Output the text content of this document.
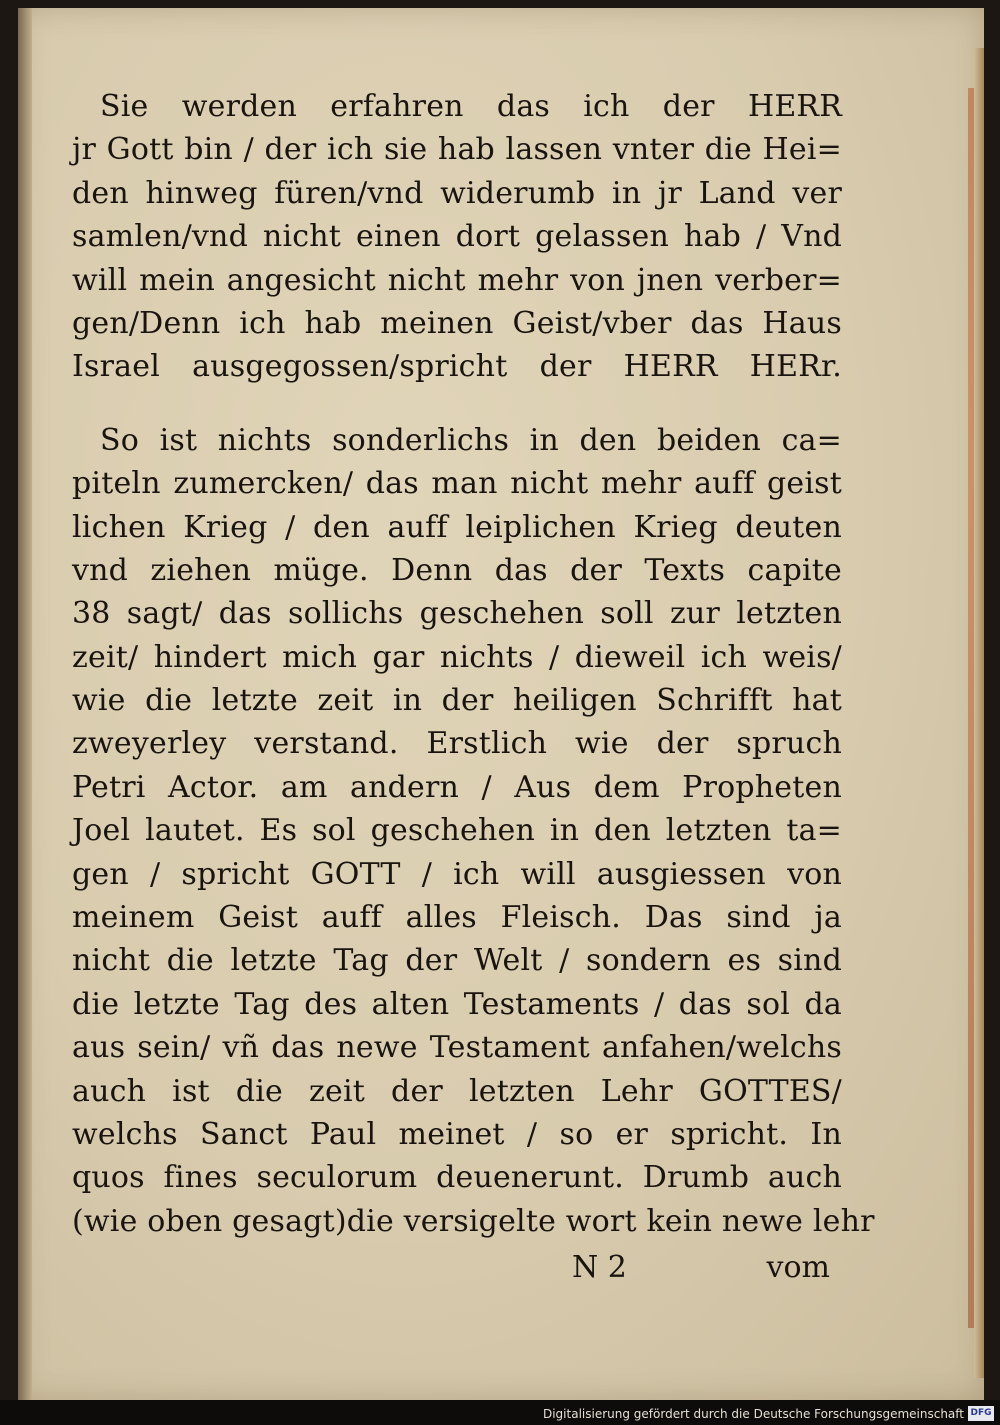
Sie werden erfahren das ich der HERR
jr Gott bin / der ich sie hab lassen vnter die Hei=
den hinweg füren/vnd widerumb in jr Land ver
samlen/vnd nicht einen dort gelassen hab / Vnd
will mein angesicht nicht mehr von jnen verber=
gen/Denn ich hab meinen Geist/vber das Haus
Israel ausgegossen/spricht der HERR HERr.
So ist nichts sonderlichs in den beiden ca=
piteln zumercken/ das man nicht mehr auff geist
lichen Krieg / den auff leiplichen Krieg deuten
vnd ziehen müge. Denn das der Texts capite
38 sagt/ das sollichs geschehen soll zur letzten
zeit/ hindert mich gar nichts / dieweil ich weis/
wie die letzte zeit in der heiligen Schrifft hat
zweyerley verstand. Erstlich wie der spruch
Petri Actor. am andern / Aus dem Propheten
Joel lautet. Es sol geschehen in den letzten ta=
gen / spricht GOTT / ich will ausgiessen von
meinem Geist auff alles Fleisch. Das sind ja
nicht die letzte Tag der Welt / sondern es sind
die letzte Tag des alten Testaments / das sol da
aus sein/ vñ das newe Testament anfahen/welchs
auch ist die zeit der letzten Lehr GOTTES/
welchs Sanct Paul meinet / so er spricht. In
quos fines seculorum deuenerunt. Drumb auch
(wie oben gesagt)die versigelte wort kein newe lehr
N 2	vom
Digitalisierung gefördert durch die Deutsche Forschungsgemeinschaft DFG
